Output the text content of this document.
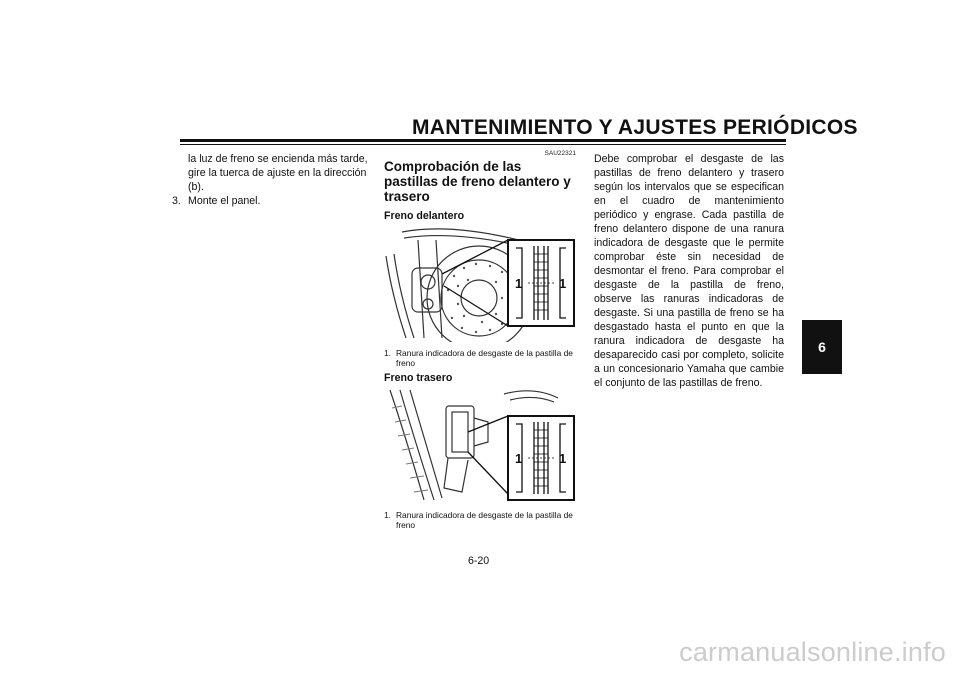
MANTENIMIENTO Y AJUSTES PERIÓDICOS
6
la luz de freno se encienda más tarde, gire la tuerca de ajuste en la dirección (b).
3. Monte el panel.
SAU22321
Comprobación de las pastillas de freno delantero y trasero
Freno delantero
1	1
1. Ranura indicadora de desgaste de la pastilla de freno
Freno trasero
1	1
1. Ranura indicadora de desgaste de la pastilla de freno
Debe comprobar el desgaste de las pastillas de freno delantero y trasero según los intervalos que se especifican en el cuadro de mantenimiento periódico y engrase. Cada pastilla de freno delantero dispone de una ranura indicadora de desgaste que le permite comprobar éste sin necesidad de desmontar el freno. Para comprobar el desgaste de la pastilla de freno, observe las ranuras indicadoras de desgaste. Si una pastilla de freno se ha desgastado hasta el punto en que la ranura indicadora de desgaste ha desaparecido casi por completo, solicite a un concesionario Yamaha que cambie el conjunto de las pastillas de freno.
6-20
carmanualsonline.info
